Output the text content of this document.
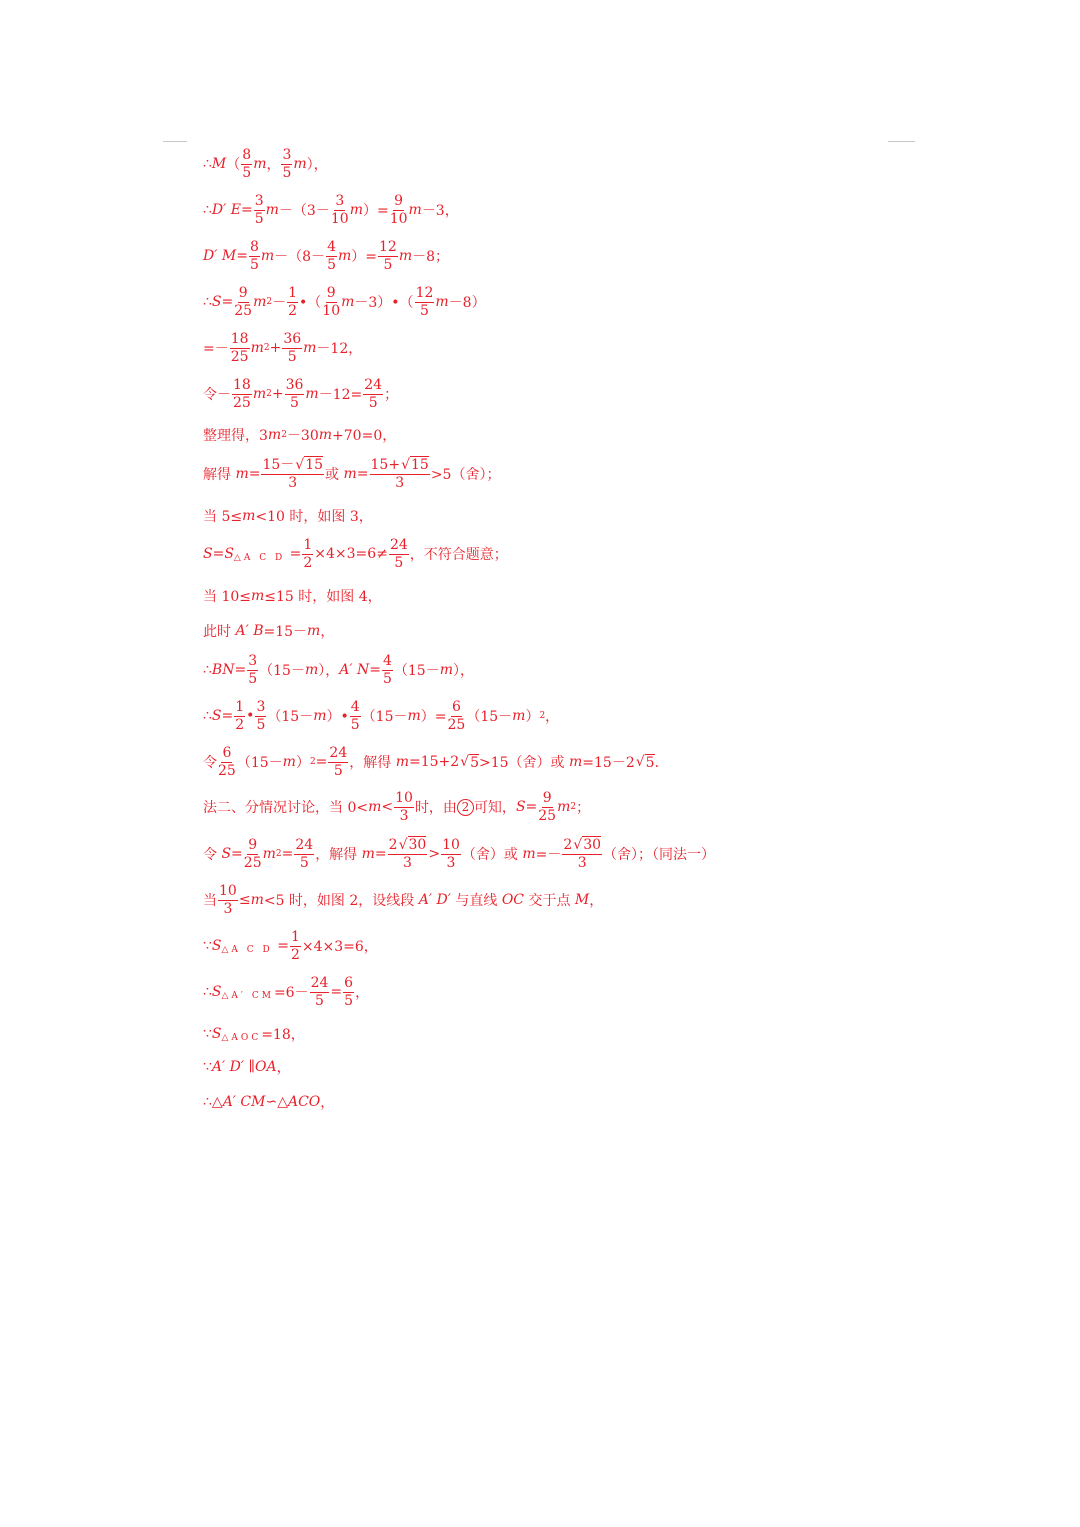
∴ M （ $\frac{8}{5}$ m ， $\frac{3}{5}$ m ），
∴ D′ $E = \frac{3}{5}$ $m -(3- \frac{3}{10}$ m ）= $\frac{9}{10}$ m －3，
D′ $M = \frac{8}{5}$ $m -(8- \frac{4}{5}$ m ）= $\frac{12}{5}$ m －8；
∴ $S = \frac{9}{25}$ m $2 - \frac{1}{2}$ •（ $\frac{9}{10}$ m －3）•（ $\frac{12}{5}$ m －8）
=－ $\frac{18}{25}$ m $2 + \frac{36}{5}$ m －12，
令－ $\frac{18}{25}$ m $2 + \frac{36}{5}$ $m -12= \frac{24}{5}$ ；
整理得，3 m 2 －30 m +70=0，
解得 $m = \frac{15-√15}{3}$ 或 $m = \frac{15+√15}{3} >5$（舍）；
当 5≤ m <10 时，如图 3，
S = S △A C $D = \frac{1}{2} \times 4\times 3=6\ne \frac{24}{5}$ ，不符合题意；
当 10≤ m ≤15 时，如图 4，
此时 A′ B =15－ m ，
∴ BN = $\frac{3}{5} (15- m$ ）， A′ $N = \frac{4}{5} (15- m$ ），
∴ $S = \frac{1}{2}$ • $\frac{3}{5} (15- m$ ）• $\frac{4}{5} (15- m$ ）= $\frac{6}{25} (15- m$ ） 2 ，
令 $\frac{6}{25} (15- m$ ） $2 = \frac{24}{5}$ ，解得 m =15+2 √ 5 >15（舍）或 m =15－2 √ 5 ．
法二、分情况讨论，当 $0< m < \frac{10}{3}$ 时，由 2 可知， $S = \frac{9}{25}$ m 2 ；
令 $S = \frac{9}{25}$ m $2 = \frac{24}{5}$ ，解得 $m = \frac{2√30}{3} > \frac{10}{3}$ （舍）或 $m =- \frac{2√30}{3}$ （舍）；（同法一）
当 $\frac{10}{3} \le m <5$ 时，如图 2，设线段 A′ D′ 与直线 OC 交于点 M ，
∵ S △A C $D = \frac{1}{2} \times 4\times 3=6$，
∴ S △A′ CM $=6- \frac{24}{5} = \frac{6}{5}$ ，
∵ S △AOC =18，
∵ A′ D′ ∥ OA ，
∴△ A′ CM ∽△ ACO ，
